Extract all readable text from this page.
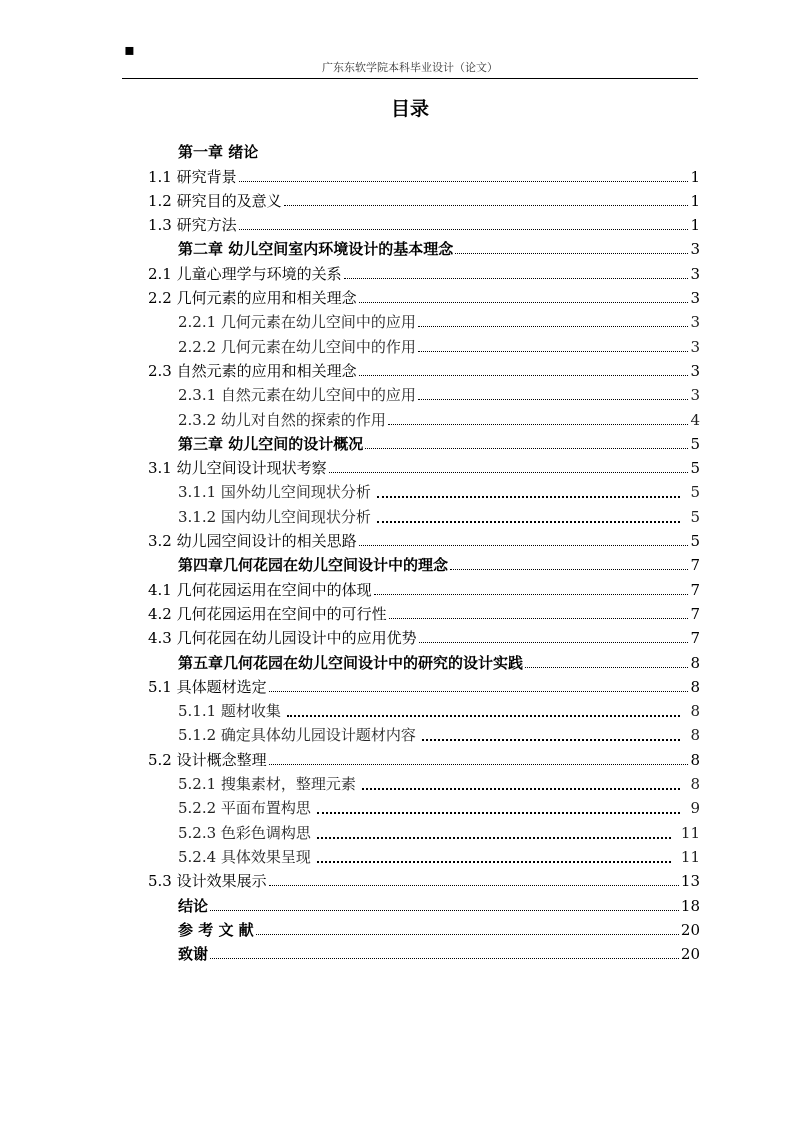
▪
广东东软学院本科毕业设计（论文）
目录
第一章 绪论
1.1 研究背景	1
1.2 研究目的及意义	1
1.3 研究方法	1
第二章 幼儿空间室内环境设计的基本理念	3
2.1 儿童心理学与环境的关系	3
2.2 几何元素的应用和相关理念	3
2.2.1 几何元素在幼儿空间中的应用	3
2.2.2 几何元素在幼儿空间中的作用	3
2.3 自然元素的应用和相关理念	3
2.3.1 自然元素在幼儿空间中的应用	3
2.3.2 幼儿对自然的探索的作用	4
第三章 幼儿空间的设计概况	5
3.1 幼儿空间设计现状考察	5
3.1.1 国外幼儿空间现状分析	5
3.1.2 国内幼儿空间现状分析	5
3.2 幼儿园空间设计的相关思路	5
第四章几何花园在幼儿空间设计中的理念	7
4.1 几何花园运用在空间中的体现	7
4.2 几何花园运用在空间中的可行性	7
4.3 几何花园在幼儿园设计中的应用优势	7
第五章几何花园在幼儿空间设计中的研究的设计实践	8
5.1 具体题材选定	8
5.1.1 题材收集	8
5.1.2 确定具体幼儿园设计题材内容	8
5.2 设计概念整理	8
5.2.1 搜集素材，整理元素	8
5.2.2 平面布置构思	9
5.2.3 色彩色调构思	11
5.2.4 具体效果呈现	11
5.3 设计效果展示	13
结论	18
参 考 文 献	20
致谢	20
